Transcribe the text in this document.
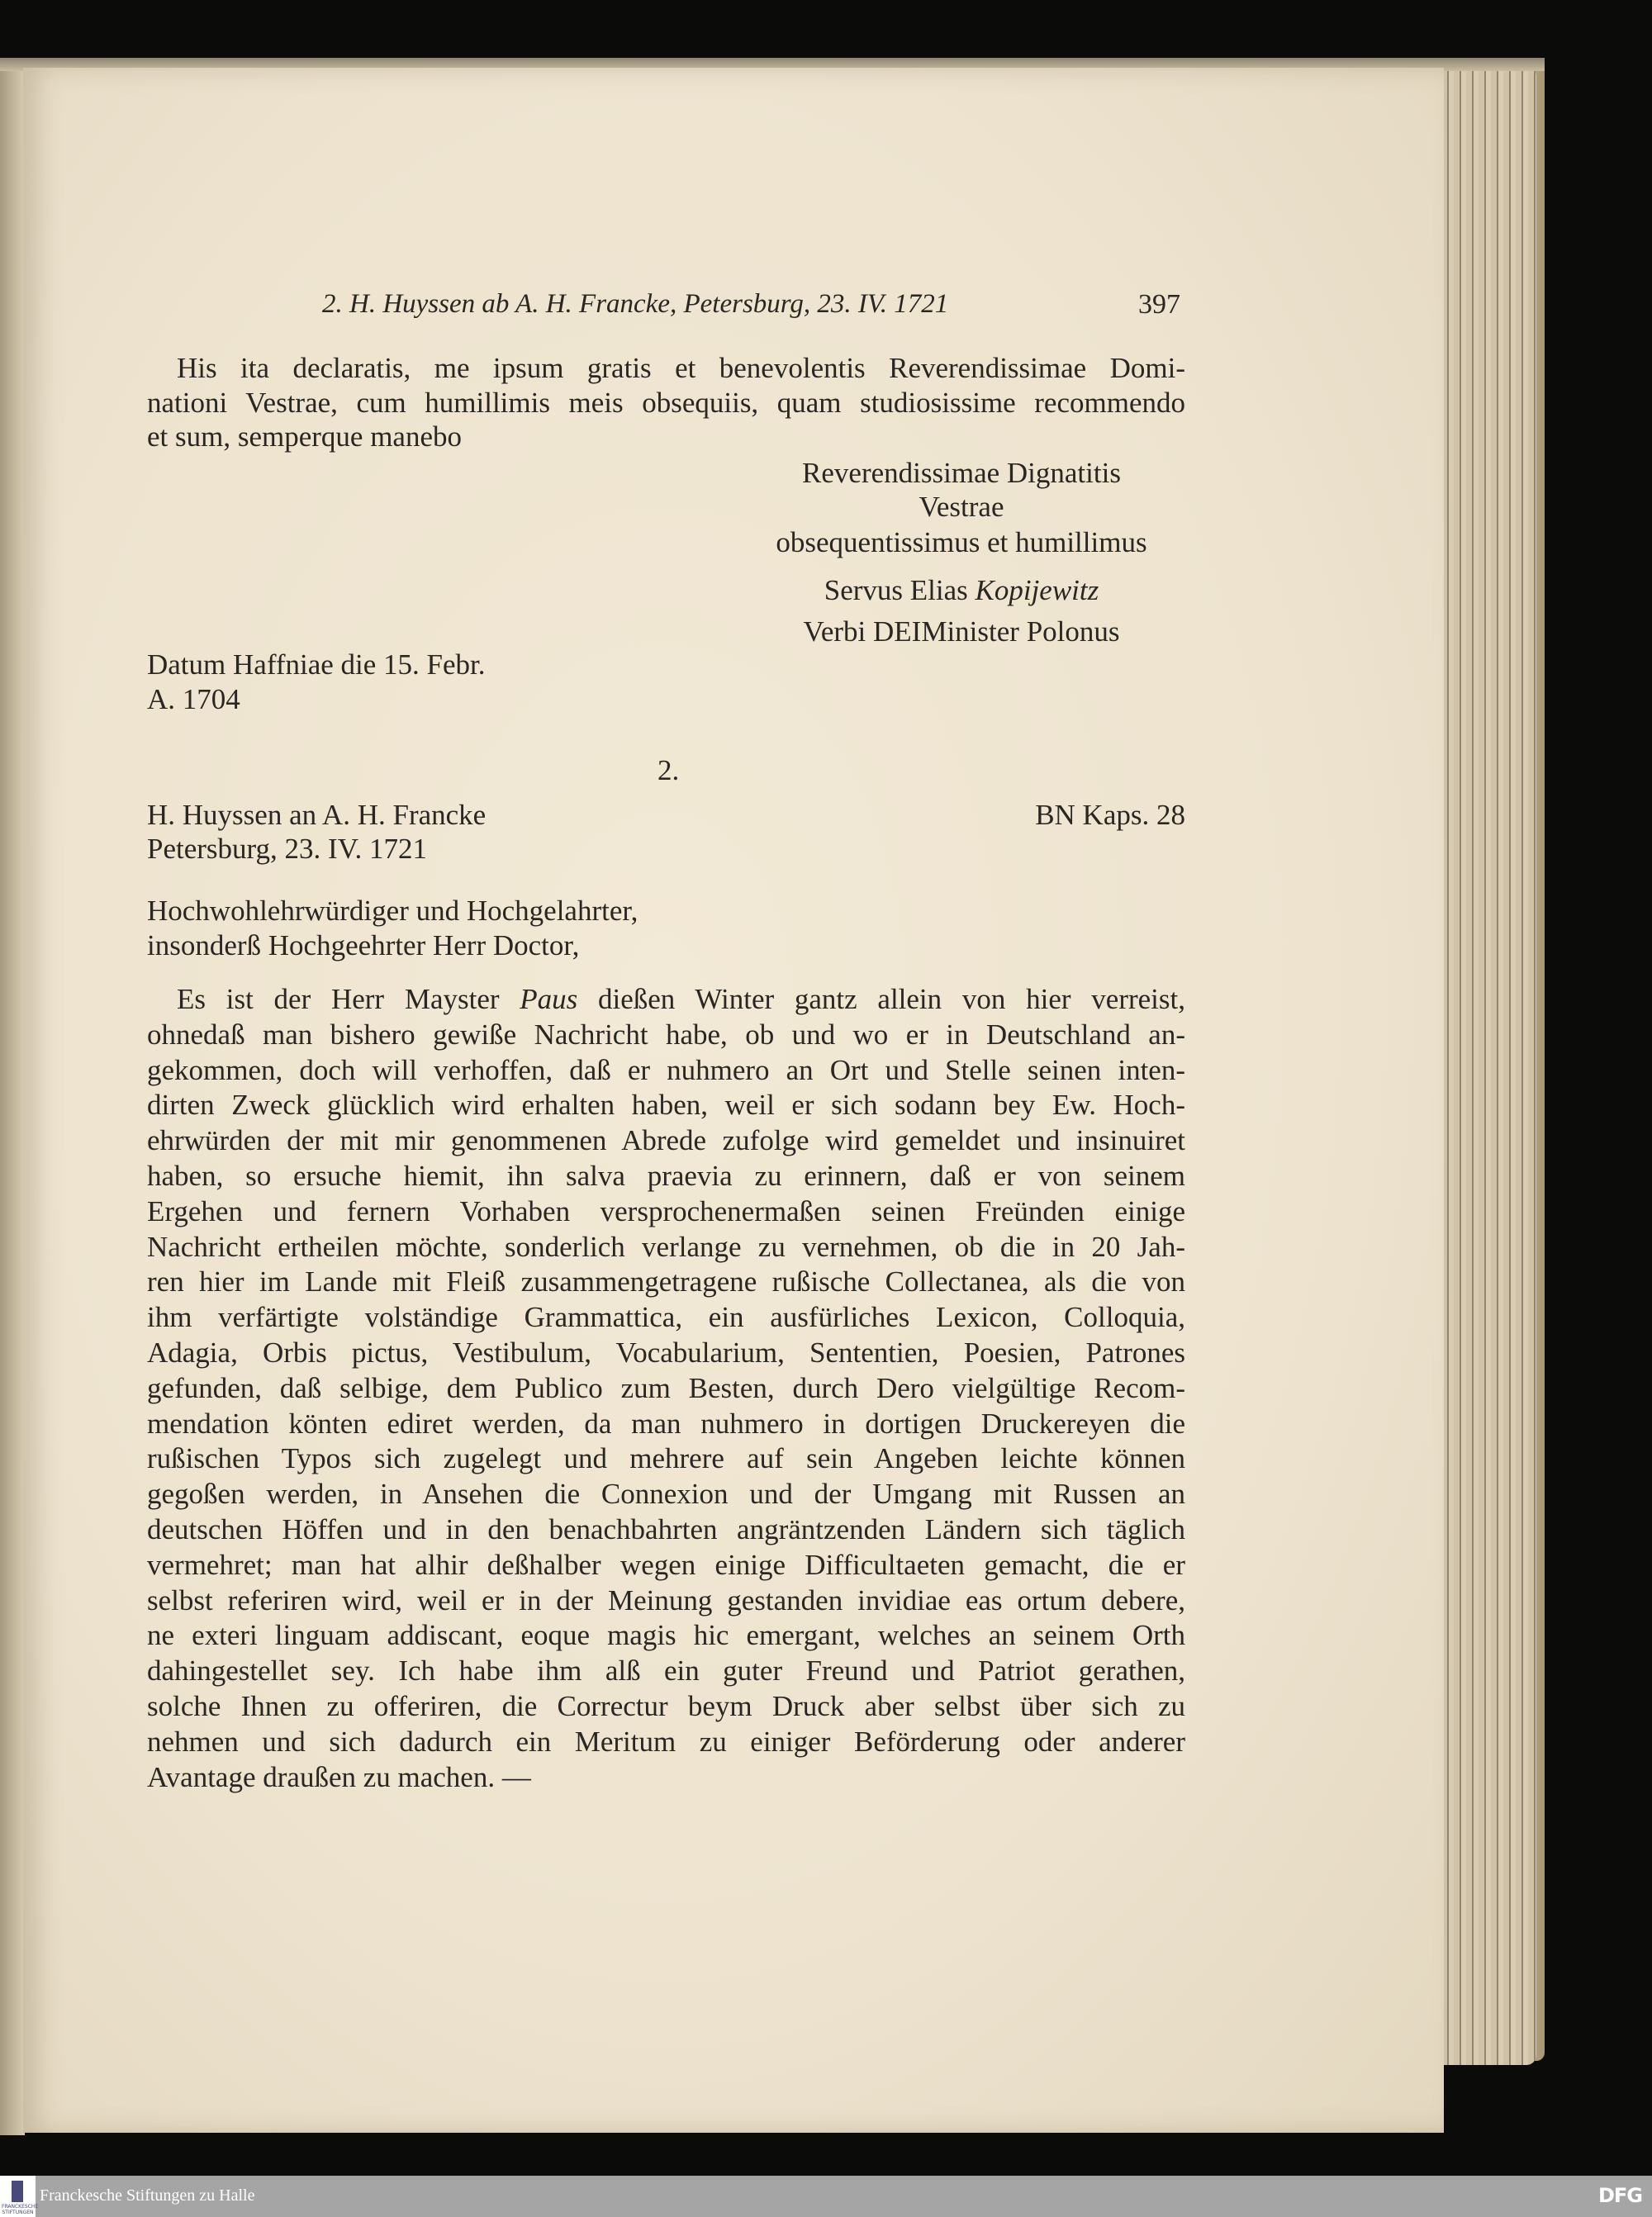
2. H. Huyssen ab A. H. Francke, Petersburg, 23. IV. 1721	397
His ita declaratis, me ipsum gratis et benevolentis Reverendissimae Domi-
nationi Vestrae, cum humillimis meis obsequiis, quam studiosissime recommendo
et sum, semperque manebo
Reverendissimae Dignatitis
Vestrae
obsequentissimus et humillimus
Servus Elias Kopijewitz
Verbi DEIMinister Polonus
Datum Haffniae die 15. Febr.
A. 1704
2.
H. Huyssen an A. H. Francke	BN Kaps. 28
Petersburg, 23. IV. 1721
Hochwohlehrwürdiger und Hochgelahrter,
insonderß Hochgeehrter Herr Doctor,
Es ist der Herr Mayster Paus dießen Winter gantz allein von hier verreist,
ohnedaß man bishero gewiße Nachricht habe, ob und wo er in Deutschland an-
gekommen, doch will verhoffen, daß er nuhmero an Ort und Stelle seinen inten-
dirten Zweck glücklich wird erhalten haben, weil er sich sodann bey Ew. Hoch-
ehrwürden der mit mir genommenen Abrede zufolge wird gemeldet und insinuiret
haben, so ersuche hiemit, ihn salva praevia zu erinnern, daß er von seinem
Ergehen und fernern Vorhaben versprochenermaßen seinen Freünden einige
Nachricht ertheilen möchte, sonderlich verlange zu vernehmen, ob die in 20 Jah-
ren hier im Lande mit Fleiß zusammengetragene rußische Collectanea, als die von
ihm verfärtigte volständige Grammattica, ein ausfürliches Lexicon, Colloquia,
Adagia, Orbis pictus, Vestibulum, Vocabularium, Sententien, Poesien, Patrones
gefunden, daß selbige, dem Publico zum Besten, durch Dero vielgültige Recom-
mendation könten ediret werden, da man nuhmero in dortigen Druckereyen die
rußischen Typos sich zugelegt und mehrere auf sein Angeben leichte können
gegoßen werden, in Ansehen die Connexion und der Umgang mit Russen an
deutschen Höffen und in den benachbahrten angräntzenden Ländern sich täglich
vermehret; man hat alhir deßhalber wegen einige Difficultaeten gemacht, die er
selbst referiren wird, weil er in der Meinung gestanden invidiae eas ortum debere,
ne exteri linguam addiscant, eoque magis hic emergant, welches an seinem Orth
dahingestellet sey. Ich habe ihm alß ein guter Freund und Patriot gerathen,
solche Ihnen zu offeriren, die Correctur beym Druck aber selbst über sich zu
nehmen und sich dadurch ein Meritum zu einiger Beförderung oder anderer
Avantage draußen zu machen. —
FRANCKESCHE STIFTUNGEN
Franckesche Stiftungen zu Halle	DFG
